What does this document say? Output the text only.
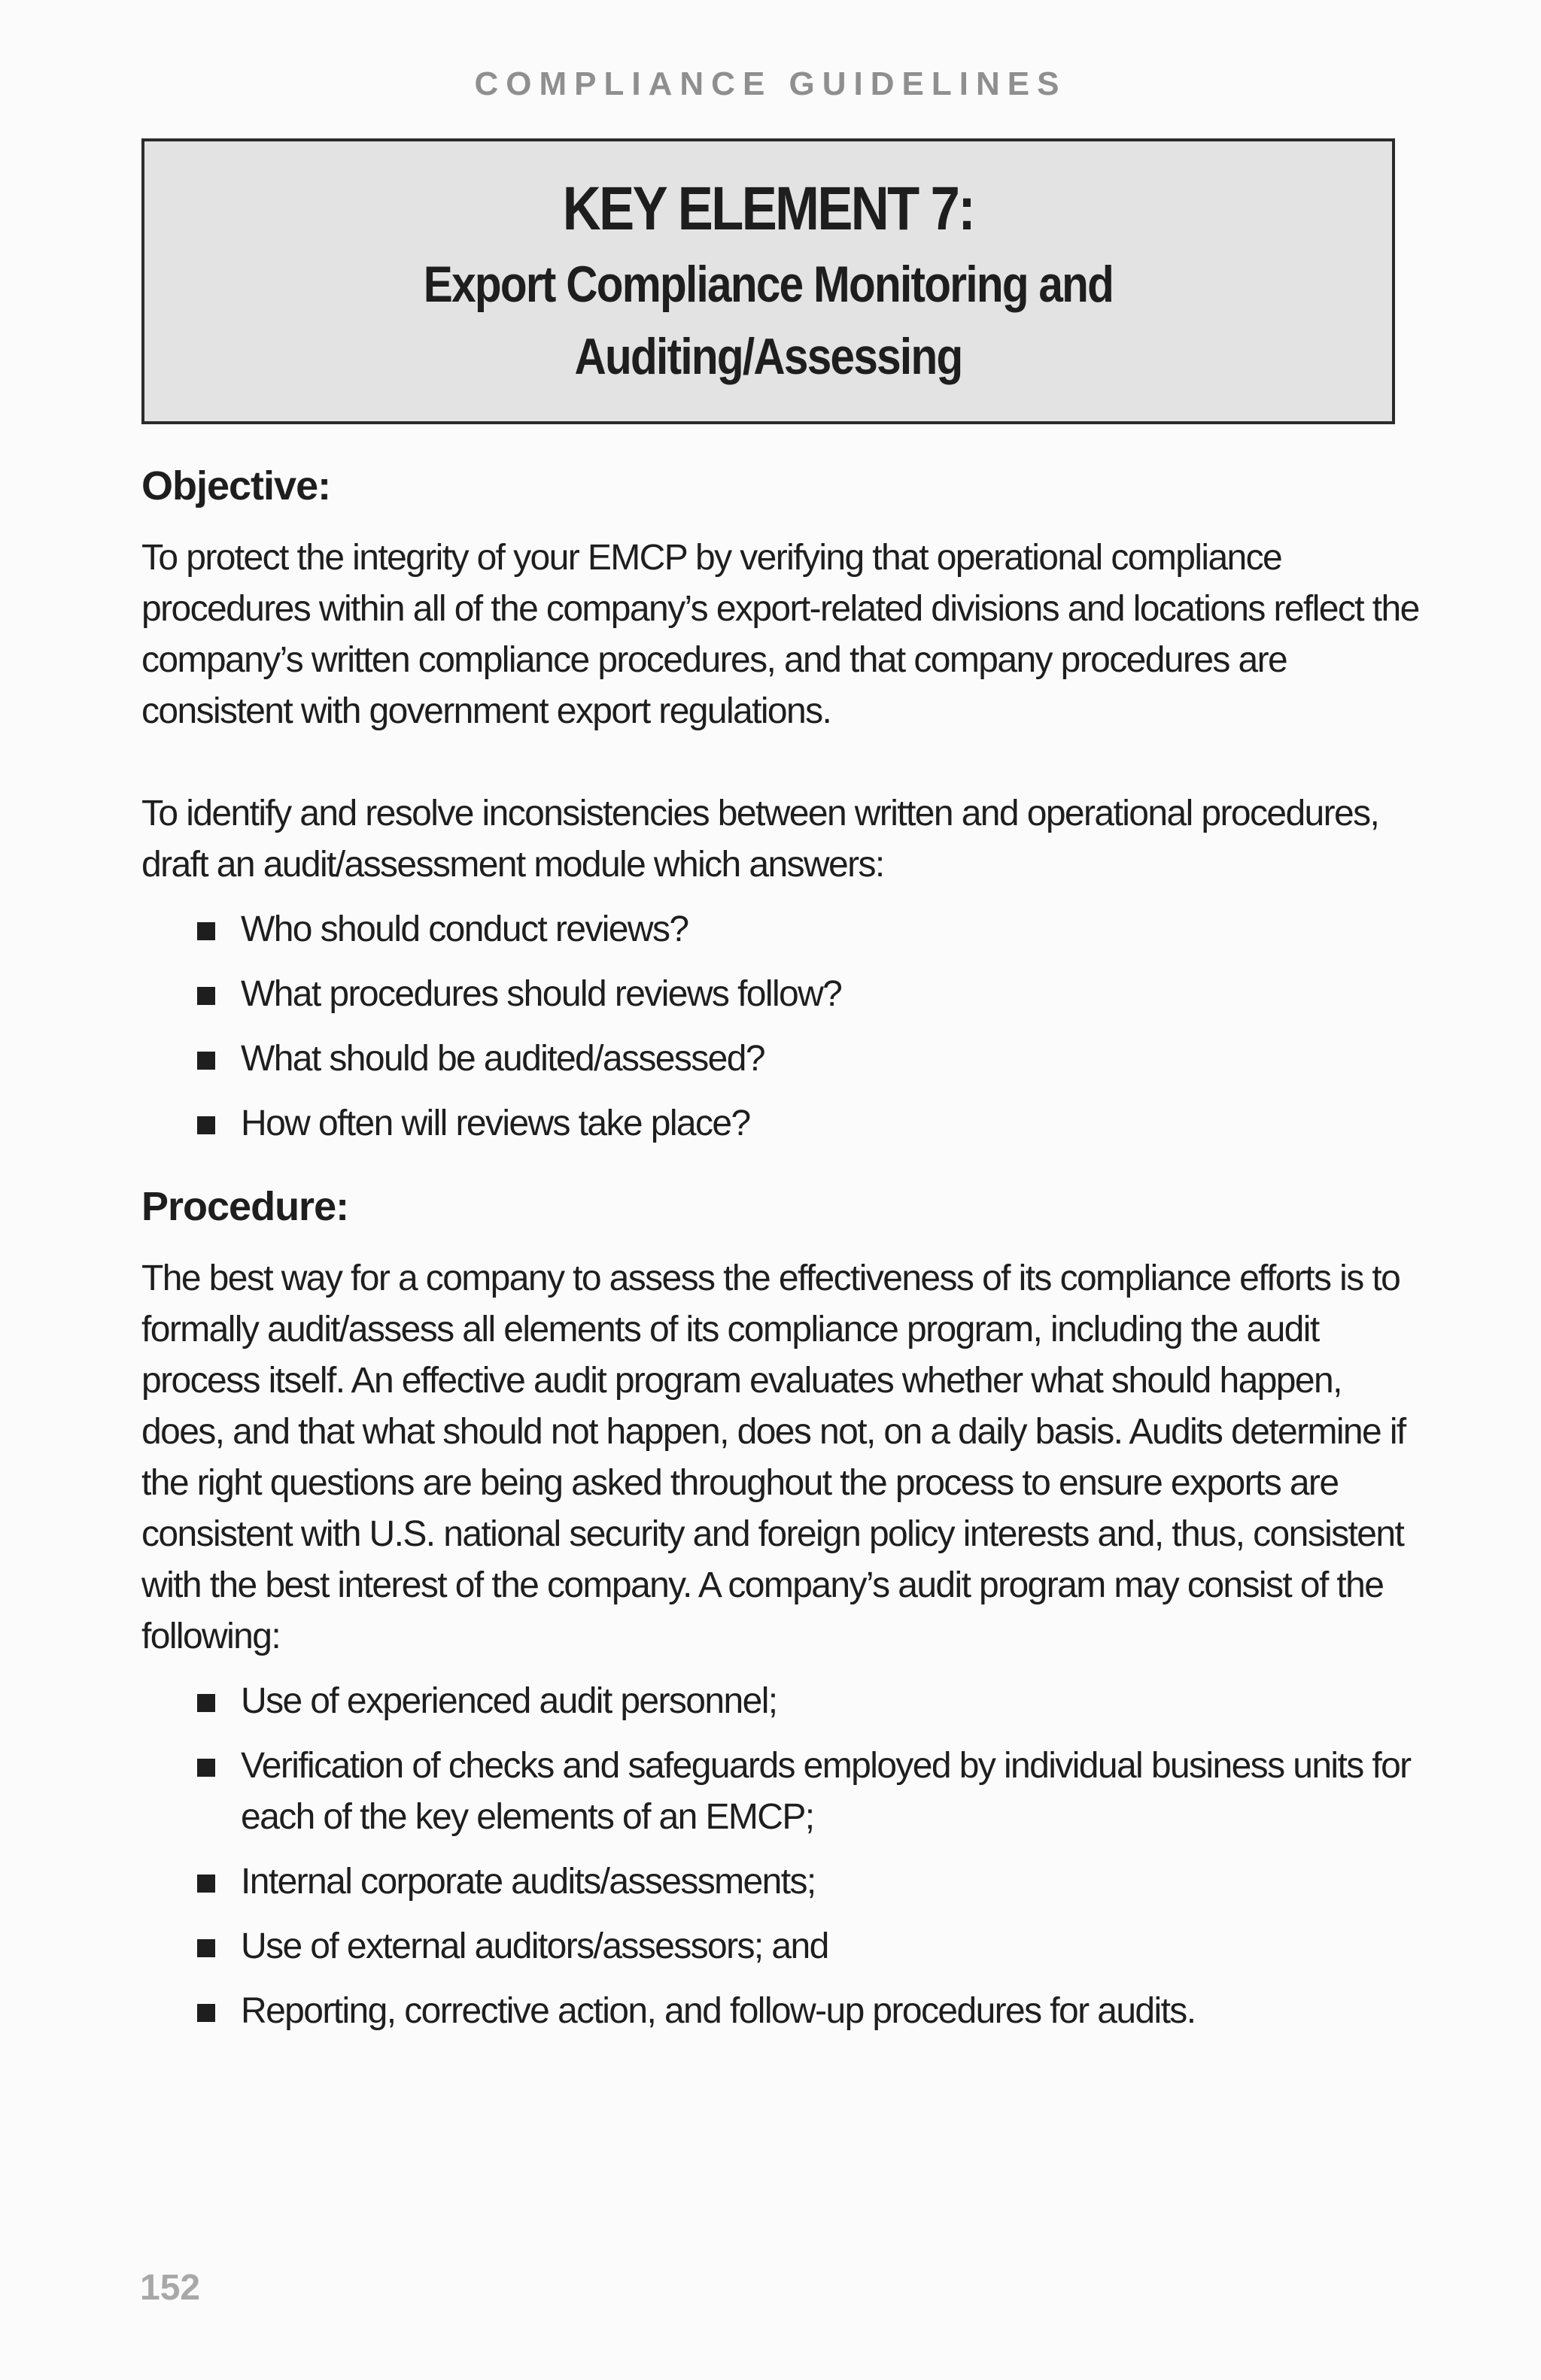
COMPLIANCE GUIDELINES
KEY ELEMENT 7:
Export Compliance Monitoring and
Auditing/Assessing
Objective:

To protect the integrity of your EMCP by verifying that operational compliance procedures within all of the company’s export-related divisions and locations reflect the company’s written compliance procedures, and that company procedures are consistent with government export regulations.

To identify and resolve inconsistencies between written and operational procedures, draft an audit/assessment module which answers:

Who should conduct reviews?
What procedures should reviews follow?
What should be audited/assessed?
How often will reviews take place?
Procedure:

The best way for a company to assess the effectiveness of its compliance efforts is to formally audit/assess all elements of its compliance program, including the audit process itself. An effective audit program evaluates whether what should happen, does, and that what should not happen, does not, on a daily basis. Audits determine if the right questions are being asked throughout the process to ensure exports are consistent with U.S. national security and foreign policy interests and, thus, consistent with the best interest of the company. A company’s audit program may consist of the following:

Use of experienced audit personnel;
Verification of checks and safeguards employed by individual business units for each of the key elements of an EMCP;
Internal corporate audits/assessments;
Use of external auditors/assessors; and
Reporting, corrective action, and follow-up procedures for audits.
152
